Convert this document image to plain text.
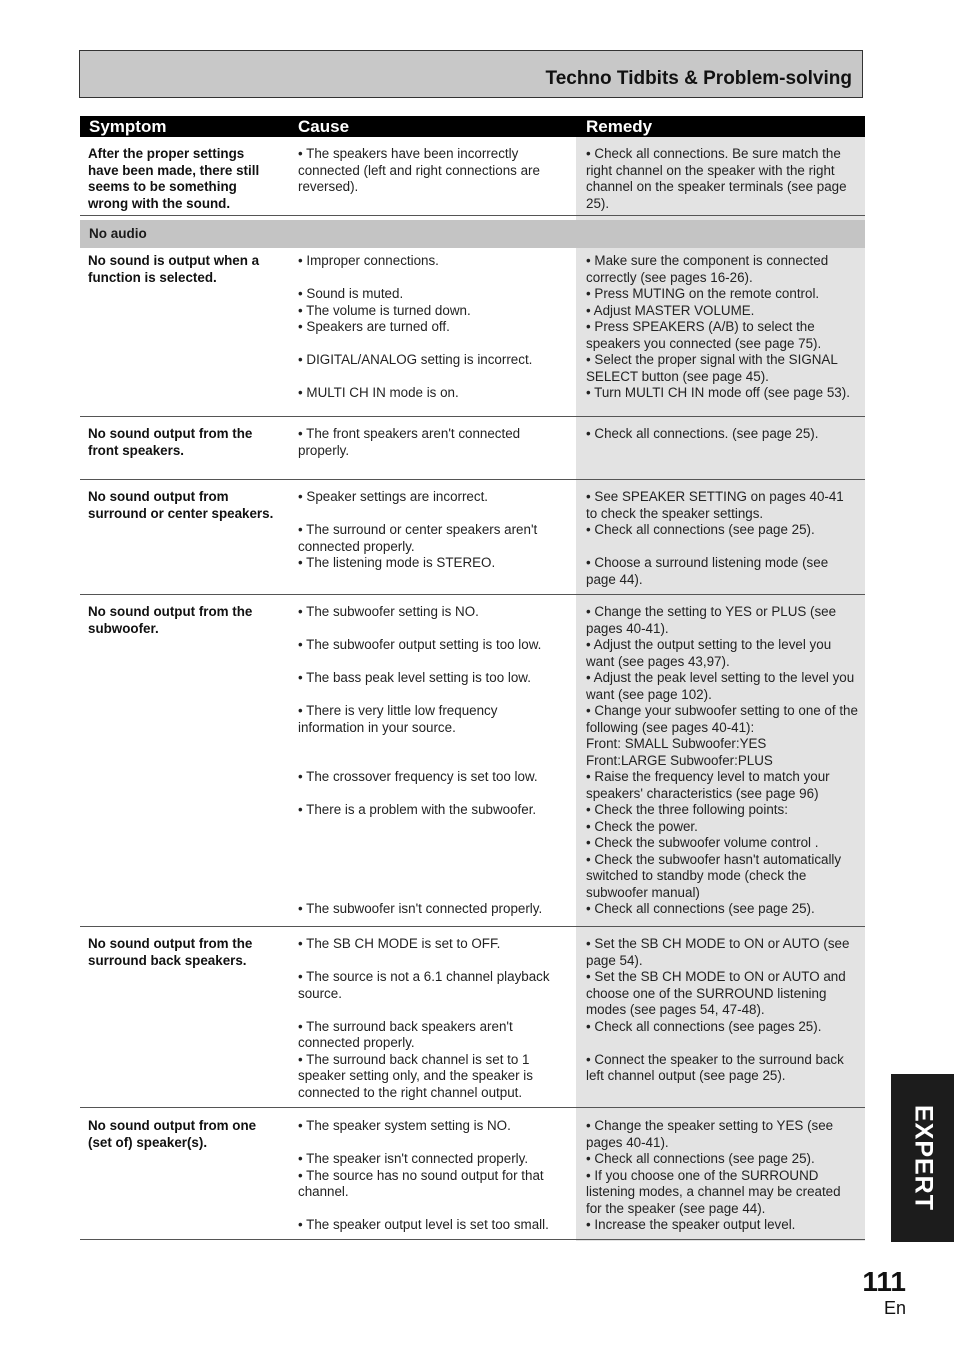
Techno Tidbits & Problem-solving
Symptom	Cause	Remedy
No audio
After the proper settings have been made, there still seems to be something wrong with the sound.
• The speakers have been incorrectly connected (left and right connections are reversed).
• Check all connections. Be sure match the right channel on the speaker with the right channel on the speaker terminals (see page 25).
No sound is output when a function is selected.
• Improper connections.

• Sound is muted.
• The volume is turned down.
• Speakers are turned off.

• DIGITAL/ANALOG setting is incorrect.

• MULTI CH IN mode is on.
• Make sure the component is connected correctly (see pages 16-26).
• Press MUTING on the remote control.
• Adjust MASTER VOLUME.
• Press SPEAKERS (A/B) to select the speakers you connected (see page 75).
• Select the proper signal with the SIGNAL SELECT button (see page 45).
• Turn MULTI CH IN mode off (see page 53).
No sound output from the front speakers.
• The front speakers aren't connected properly.
• Check all connections. (see page 25).
No sound output from surround or center speakers.
• Speaker settings are incorrect.

• The surround or center speakers aren't connected properly.
• The listening mode is STEREO.
• See SPEAKER SETTING on pages 40-41 to check the speaker settings.
• Check all connections (see page 25).

• Choose a surround listening mode (see page 44).
No sound output from the subwoofer.
• The subwoofer setting is NO.

• The subwoofer output setting is too low.

• The bass peak level setting is too low.

• There is very little low frequency information in your source.

• The crossover frequency is set too low.

• There is a problem with the subwoofer.

• The subwoofer isn't connected properly.
• Change the setting to YES or PLUS (see pages 40-41).
• Adjust the output setting to the level you want (see pages 43,97).
• Adjust the peak level setting to the level you want (see page 102).
• Change your subwoofer setting to one of the following (see pages 40-41):
Front: SMALL Subwoofer:YES
Front:LARGE Subwoofer:PLUS
• Raise the frequency level to match your speakers' characteristics (see page 96)
• Check the three following points:
• Check the power.
• Check the subwoofer volume control .
• Check the subwoofer hasn't automatically switched to standby mode (check the subwoofer manual)
• Check all connections (see page 25).
No sound output from the surround back speakers.
• The SB CH MODE is set to OFF.

• The source is not a 6.1 channel playback source.

• The surround back speakers aren't connected properly.
• The surround back channel is set to 1 speaker setting only, and the speaker is connected to the right channel output.
• Set the SB CH MODE to ON or AUTO (see page 54).
• Set the SB CH MODE to ON or AUTO and choose one of the SURROUND listening modes (see pages 54, 47-48).
• Check all connections (see pages 25).

• Connect the speaker to the surround back left channel output (see page 25).
No sound output from one (set of) speaker(s).
• The speaker system setting is NO.

• The speaker isn't connected properly.
• The source has no sound output for that channel.

• The speaker output level is set too small.
• Change the speaker setting to YES (see pages 40-41).
• Check all connections (see page 25).
• If you choose one of the SURROUND listening modes, a channel may be created for the speaker (see page 44).
• Increase the speaker output level.
EXPERT
111
En
